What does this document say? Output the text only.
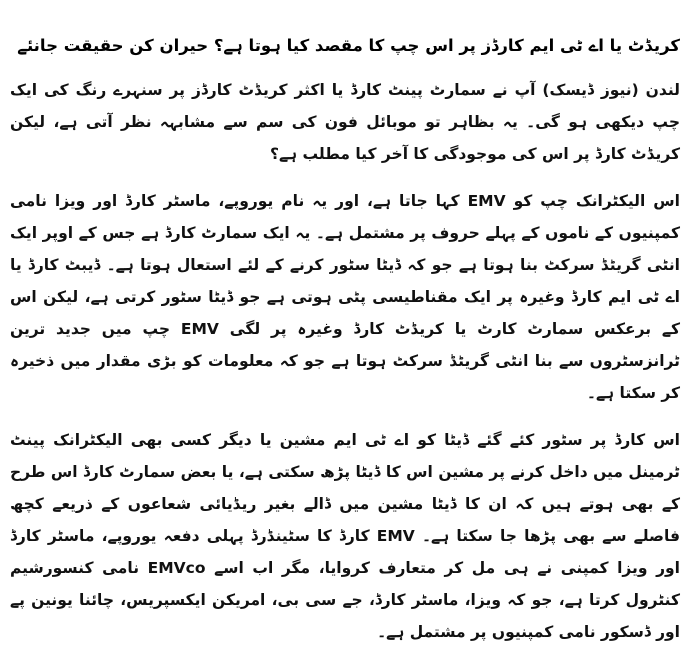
کریڈٹ یا اے ٹی ایم کارڈز پر اس چپ کا مقصد کیا ہوتا ہے؟ حیران کن حقیقت جانئے

لندن (نیوز ڈیسک) آپ نے سمارٹ پینٹ کارڈ یا اکثر کریڈٹ کارڈز پر سنہرے رنگ کی ایک چپ دیکھی ہو گی۔ یہ بظاہر تو موبائل فون کی سم سے مشابہہ نظر آتی ہے، لیکن کریڈٹ کارڈ پر اس کی موجودگی کا آخر کیا مطلب ہے؟

اس الیکٹرانک چپ کو EMV کہا جاتا ہے، اور یہ نام یوروپے، ماسٹر کارڈ اور ویزا نامی کمپنیوں کے ناموں کے پہلے حروف پر مشتمل ہے۔ یہ ایک سمارٹ کارڈ ہے جس کے اوپر ایک انٹی گریٹڈ سرکٹ بنا ہوتا ہے جو کہ ڈیٹا سٹور کرنے کے لئے استعال ہوتا ہے۔ ڈیبٹ کارڈ یا اے ٹی ایم کارڈ وغیرہ پر ایک مقناطیسی پٹی ہوتی ہے جو ڈیٹا سٹور کرتی ہے، لیکن اس کے برعکس سمارٹ کارٹ یا کریڈٹ کارڈ وغیرہ پر لگی EMV چپ میں جدید ترین ٹرانزسٹروں سے بنا انٹی گریٹڈ سرکٹ ہوتا ہے جو کہ معلومات کو بڑی مقدار میں ذخیرہ کر سکتا ہے۔

اس کارڈ پر سٹور کئے گئے ڈیٹا کو اے ٹی ایم مشین یا دیگر کسی بھی الیکٹرانک پینٹ ٹرمینل میں داخل کرنے پر مشین اس کا ڈیٹا پڑھ سکتی ہے، یا بعض سمارٹ کارڈ اس طرح کے بھی ہوتے ہیں کہ ان کا ڈیٹا مشین میں ڈالے بغیر ریڈیائی شعاعوں کے ذریعے کچھ فاصلے سے بھی پڑھا جا سکتا ہے۔ EMV کارڈ کا سٹینڈرڈ پہلی دفعہ یوروپے، ماسٹر کارڈ اور ویزا کمپنی نے ہی مل کر متعارف کروایا، مگر اب اسے EMVco نامی کنسورشیم کنٹرول کرتا ہے، جو کہ ویزا، ماسٹر کارڈ، جے سی بی، امریکن ایکسپریس، چائنا یونین پے اور ڈسکور نامی کمپنیوں پر مشتمل ہے۔
